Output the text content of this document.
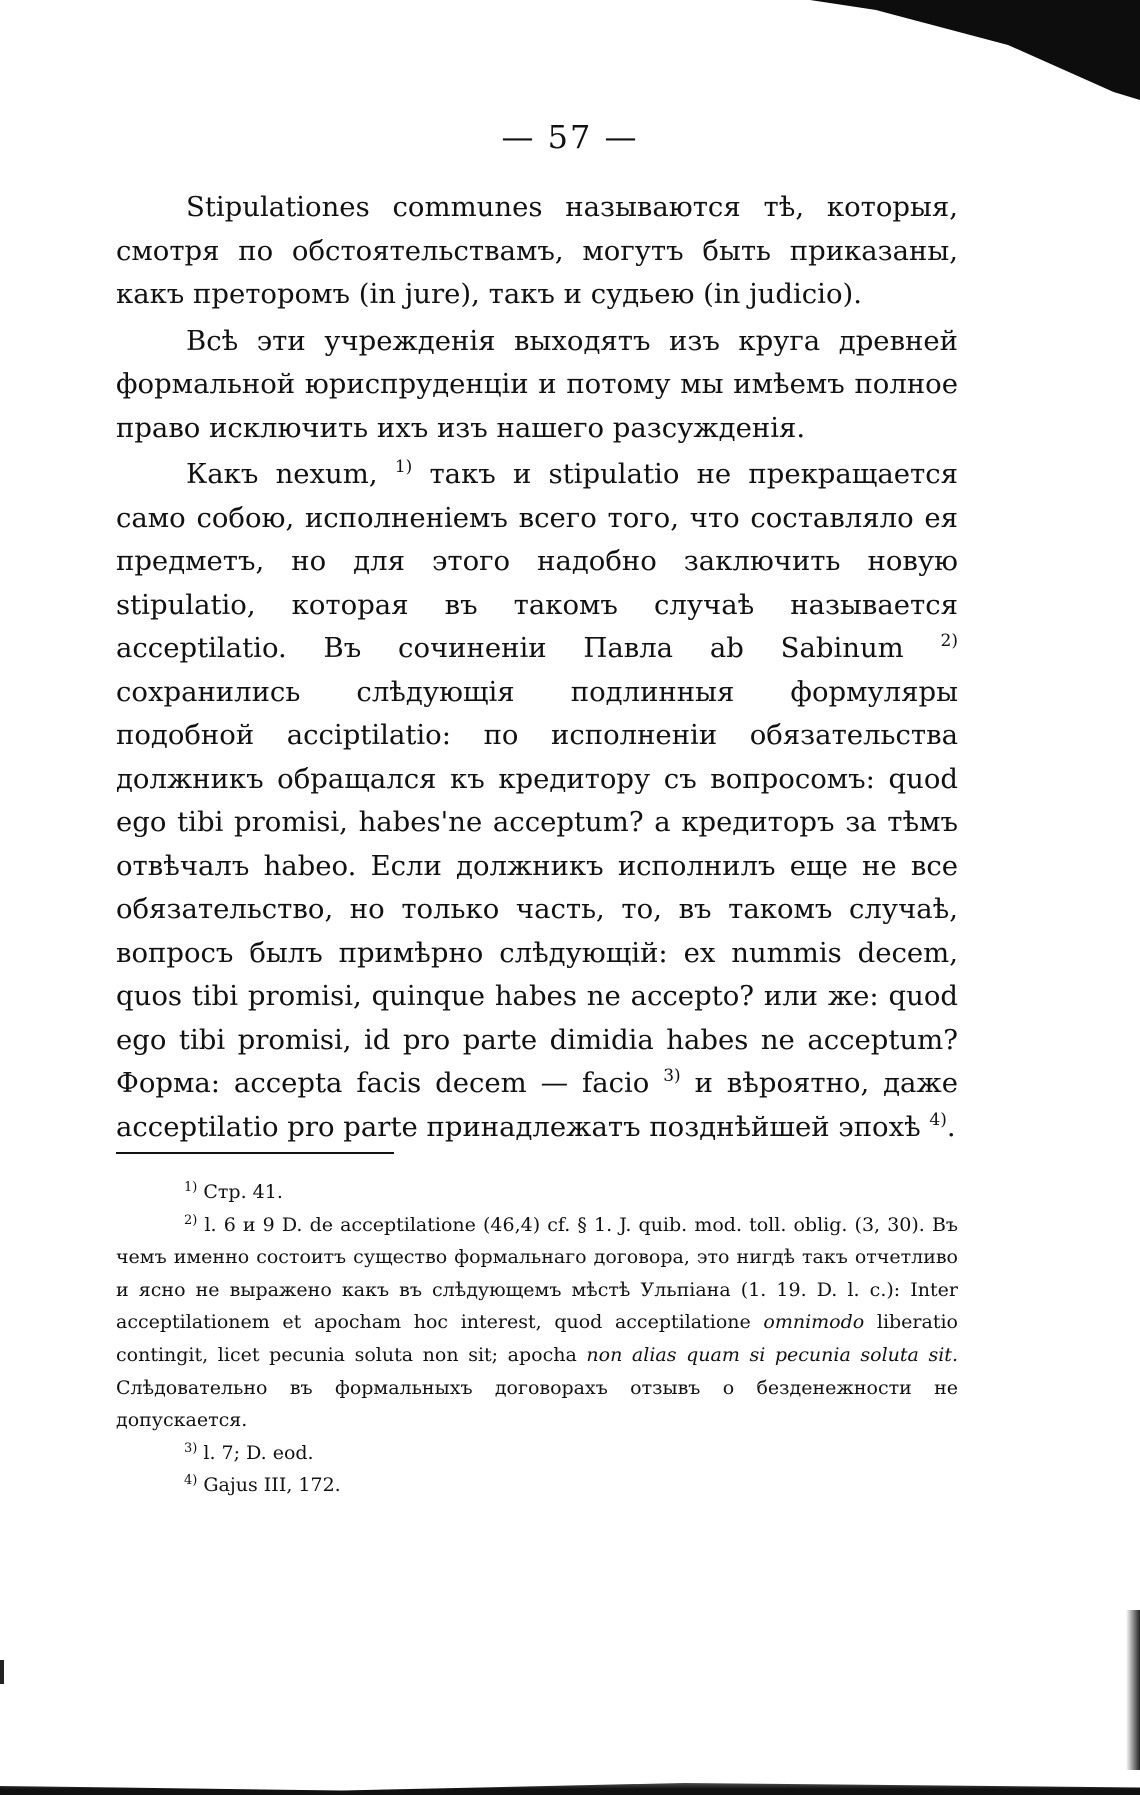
— 57 —

Stipulationes communes называются тѣ, которыя, смотря по обстоятельствамъ, могутъ быть приказаны, какъ преторомъ (in jure), такъ и судьею (in judicio).

Всѣ эти учрежденія выходятъ изъ круга древней формальной юриспруденціи и потому мы имѣемъ полное право исключить ихъ изъ нашего разсужденія.

Какъ nexum, $^{1)}$ такъ и stipulatio не прекращается само собою, исполненіемъ всего того, что составляло ея предметъ, но для этого надобно заключить новую stipulatio, которая въ такомъ случаѣ называется acceptilatio. Въ сочиненіи Павла ab Sabinum $^{2)}$ сохранились слѣдующія подлинныя формуляры подобной acciptilatio: по исполненіи обязательства должникъ обращался къ кредитору съ вопросомъ: quod ego tibi promisi, habes'ne acceptum? а кредиторъ за тѣмъ отвѣчалъ habeo. Если должникъ исполнилъ еще не все обязательство, но только часть, то, въ такомъ случаѣ, вопросъ былъ примѣрно слѣдующій: ex nummis decem, quos tibi promisi, quinque habes ne accepto? или же: quod ego tibi promisi, id pro parte dimidia habes ne acceptum? Форма: accepta facis decem — facio $^{3)}$ и вѣроятно, даже acceptilatio pro parte принадлежатъ позднѣйшей эпохѣ $^{4)}$.

$^{1)}$ Стр. 41.

$^{2)}$ l. 6 и 9 D. de acceptilatione (46,4) cf. § 1. J. quib. mod. toll. oblig. (3, 30). Въ чемъ именно состоитъ существо формальнаго договора, это нигдѣ такъ отчетливо и ясно не выражено какъ въ слѣдующемъ мѣстѣ Ульпіана (1. 19. D. l. c.): Inter acceptilationem et apocham hoc interest, quod acceptilatione omnimodo liberatio contingit, licet pecunia soluta non sit; apocha non alias quam si pecunia soluta sit. Слѣдовательно въ формальныхъ договорахъ отзывъ о безденежности не допускается.

$^{3)}$ l. 7; D. eod.

$^{4)}$ Gajus III, 172.
